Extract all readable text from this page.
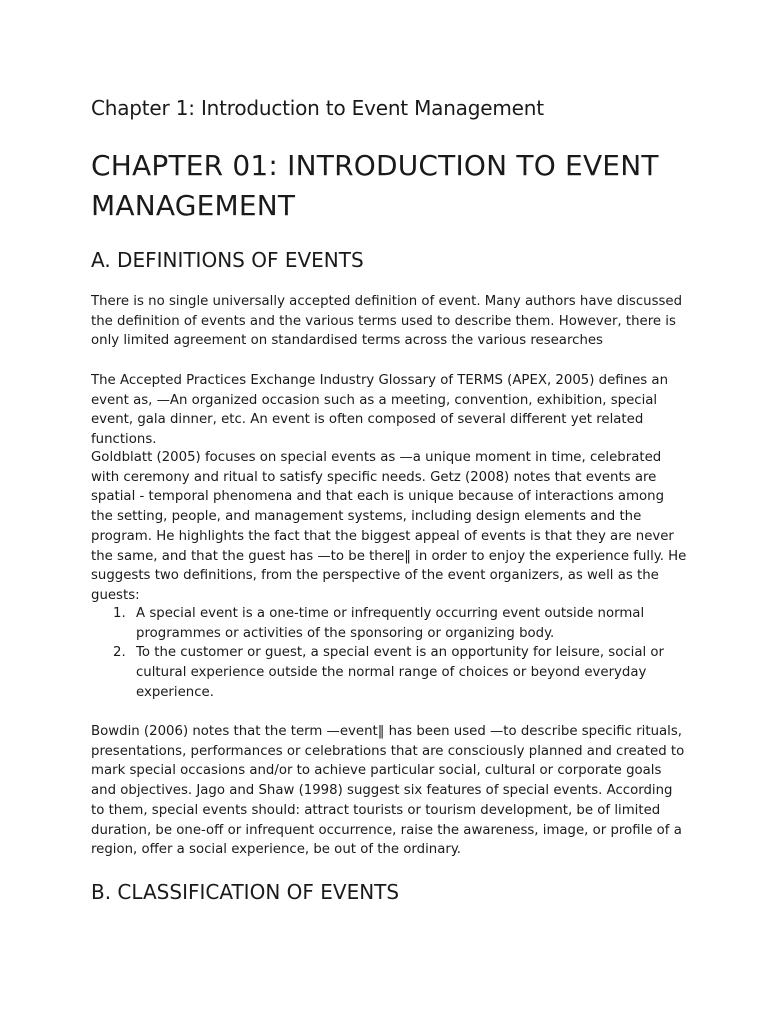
Chapter 1: Introduction to Event Management
CHAPTER 01: INTRODUCTION TO EVENT MANAGEMENT
A. DEFINITIONS OF EVENTS

There is no single universally accepted definition of event. Many authors have discussed the definition of events and the various terms used to describe them. However, there is only limited agreement on standardised terms across the various researches

The Accepted Practices Exchange Industry Glossary of TERMS (APEX, 2005) defines an event as, —An organized occasion such as a meeting, convention, exhibition, special event, gala dinner, etc. An event is often composed of several different yet related functions.

Goldblatt (2005) focuses on special events as —a unique moment in time, celebrated with ceremony and ritual to satisfy specific needs. Getz (2008) notes that events are spatial - temporal phenomena and that each is unique because of interactions among the setting, people, and management systems, including design elements and the program. He highlights the fact that the biggest appeal of events is that they are never the same, and that the guest has —to be there‖ in order to enjoy the experience fully. He suggests two definitions, from the perspective of the event organizers, as well as the guests:

1. A special event is a one-time or infrequently occurring event outside normal programmes or activities of the sponsoring or organizing body.
2. To the customer or guest, a special event is an opportunity for leisure, social or cultural experience outside the normal range of choices or beyond everyday experience.

Bowdin (2006) notes that the term —event‖ has been used —to describe specific rituals, presentations, performances or celebrations that are consciously planned and created to mark special occasions and/or to achieve particular social, cultural or corporate goals and objectives. Jago and Shaw (1998) suggest six features of special events. According to them, special events should: attract tourists or tourism development, be of limited duration, be one-off or infrequent occurrence, raise the awareness, image, or profile of a region, offer a social experience, be out of the ordinary.

B. CLASSIFICATION OF EVENTS
